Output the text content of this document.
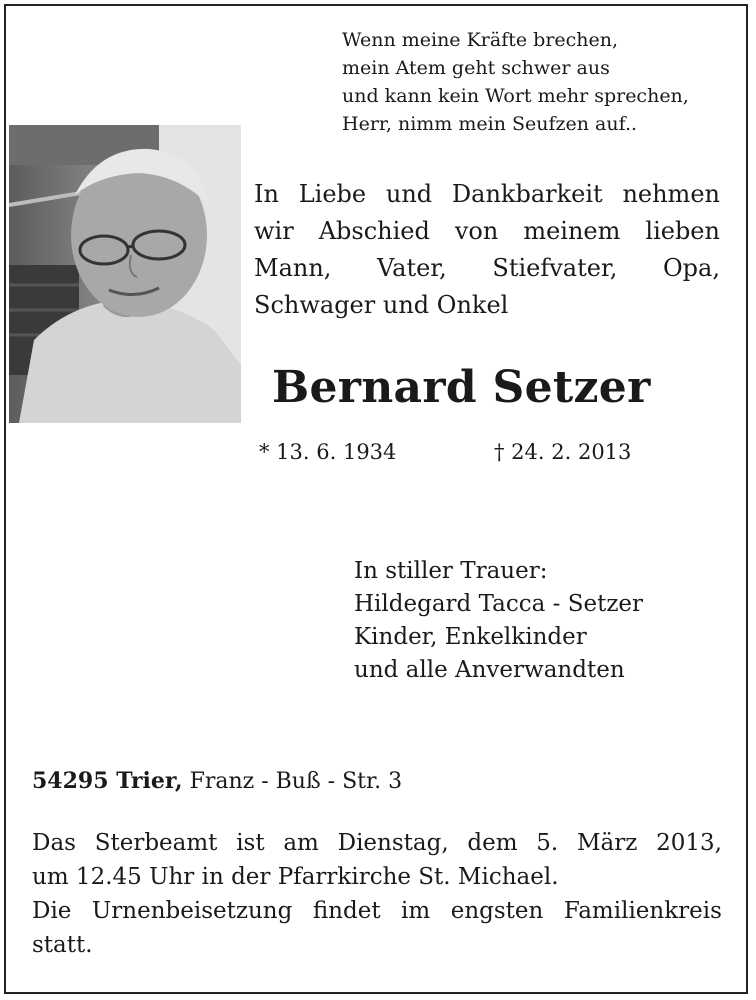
Wenn meine Kräfte brechen,
mein Atem geht schwer aus
und kann kein Wort mehr sprechen,
Herr, nimm mein Seufzen auf..
In Liebe und Dankbarkeit nehmen
wir Abschied von meinem lieben
Mann, Vater, Stiefvater, Opa,
Schwager und Onkel
Bernard Setzer
* 13. 6. 1934	† 24. 2. 2013
In stiller Trauer:
Hildegard Tacca - Setzer
Kinder, Enkelkinder
und alle Anverwandten
54295 Trier, Franz - Buß - Str. 3
Das Sterbeamt ist am Dienstag, dem 5. März 2013,
um 12.45 Uhr in der Pfarrkirche St. Michael.
Die Urnenbeisetzung findet im engsten Familienkreis
statt.
